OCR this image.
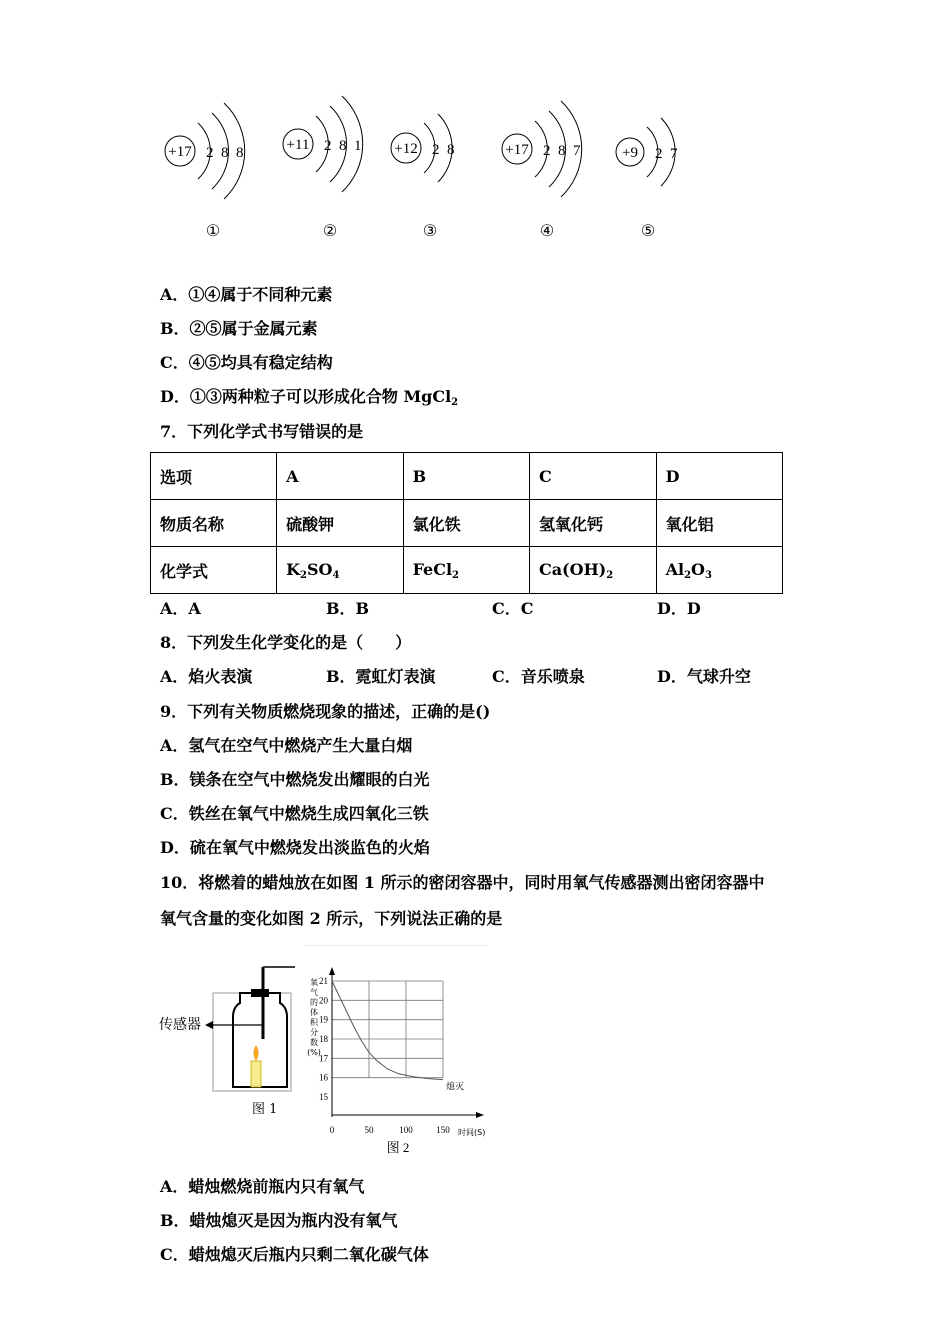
+17 2 8 8	+11 2 8 1 +12 2 8	+17 2 8 7	+9 2 7
①	②	③	④	⑤
A．①④属于不同种元素
B．②⑤属于金属元素
C．④⑤均具有稳定结构
D．①③两种粒子可以形成化合物 MgCl$_2$
7．下列化学式书写错误的是
选项	A	B	C	D
物质名称	硫酸钾	氯化铁	氢氧化钙	氧化铝
化学式	$K_2SO_4$	FeCl$_2$	$Ca(OH)_2$	$Al_2O_3$
A．A	B．B	C．C	D．D
8．下列发生化学变化的是（　　）
A．焰火表演	B．霓虹灯表演	C．音乐喷泉	D．气球升空
9．下列有关物质燃烧现象的描述，正确的是()
A．氢气在空气中燃烧产生大量白烟
B．镁条在空气中燃烧发出耀眼的白光
C．铁丝在氧气中燃烧生成四氧化三铁
D．硫在氧气中燃烧发出淡监色的火焰
10．将燃着的蜡烛放在如图 1 所示的密闭容器中，同时用氧气传感器测出密闭容器中
氧气含量的变化如图 2 所示，下列说法正确的是
传感器
图 1
21
20
19
18
17
16
15
0	50	100	150
氧
气
的
体
积
分
数
(%)
熄灭
时间(S)
图 2
A．蜡烛燃烧前瓶内只有氧气
B．蜡烛熄灭是因为瓶内没有氧气
C．蜡烛熄灭后瓶内只剩二氧化碳气体
